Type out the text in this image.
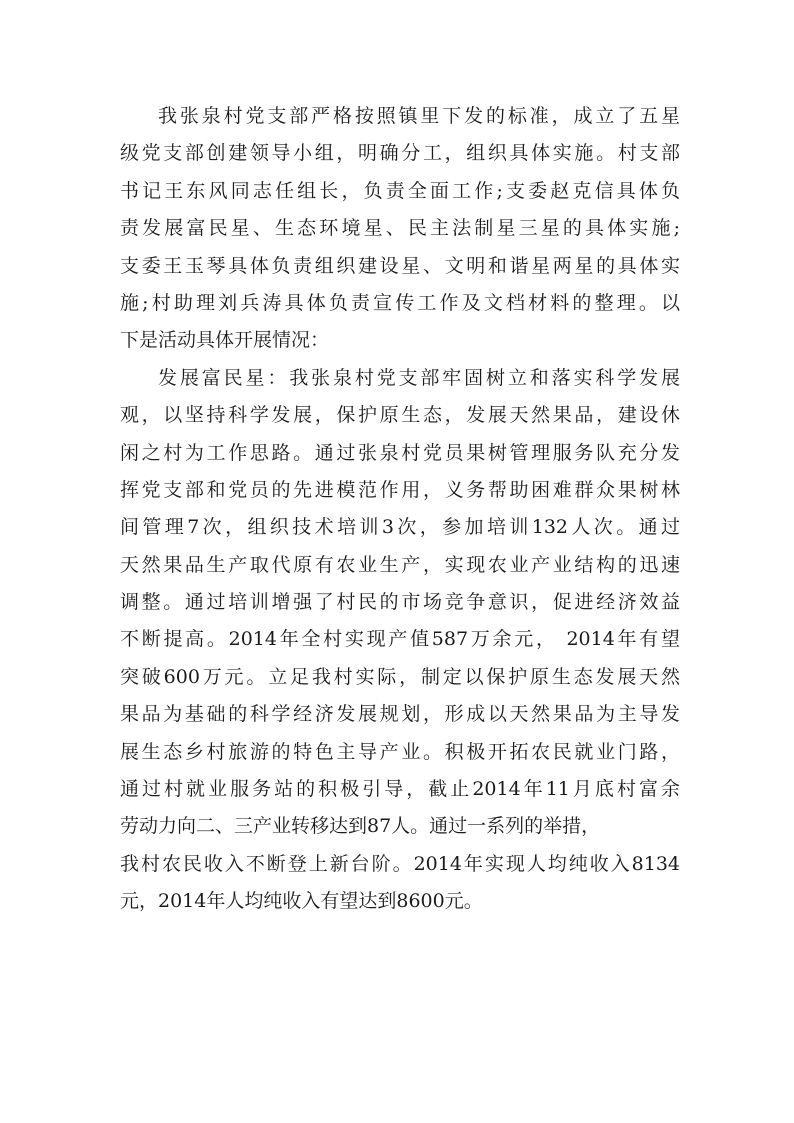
我张泉村党支部严格按照镇里下发的标准，成立了五星
级党支部创建领导小组，明确分工，组织具体实施。村支部
书记王东风同志任组长，负责全面工作;支委赵克信具体负
责发展富民星、生态环境星、民主法制星三星的具体实施;
支委王玉琴具体负责组织建设星、文明和谐星两星的具体实
施;村助理刘兵涛具体负责宣传工作及文档材料的整理。以
下是活动具体开展情况：
发展富民星：我张泉村党支部牢固树立和落实科学发展
观，以坚持科学发展，保护原生态，发展天然果品，建设休
闲之村为工作思路。通过张泉村党员果树管理服务队充分发
挥党支部和党员的先进模范作用，义务帮助困难群众果树林
间管理7次，组织技术培训3次，参加培训132人次。通过
天然果品生产取代原有农业生产，实现农业产业结构的迅速
调整。通过培训增强了村民的市场竞争意识，促进经济效益
不断提高。2014年全村实现产值587万余元， 2014年有望
突破600万元。立足我村实际，制定以保护原生态发展天然
果品为基础的科学经济发展规划，形成以天然果品为主导发
展生态乡村旅游的特色主导产业。积极开拓农民就业门路，
通过村就业服务站的积极引导，截止2014年11月底村富余
劳动力向二、三产业转移达到87人。通过一系列的举措，
我村农民收入不断登上新台阶。2014年实现人均纯收入8134
元，2014年人均纯收入有望达到8600元。
